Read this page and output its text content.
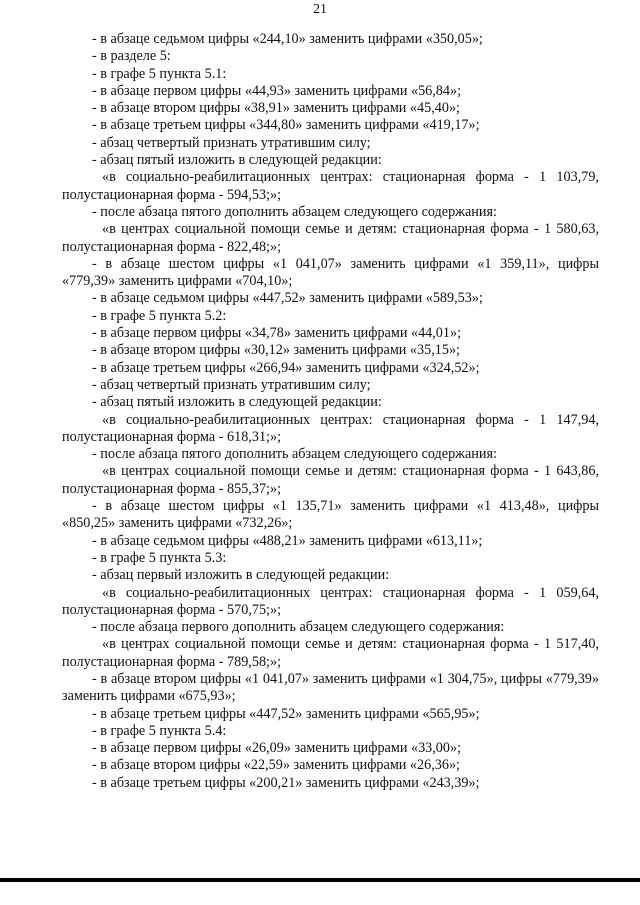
21

- в абзаце седьмом цифры «244,10» заменить цифрами «350,05»;

- в разделе 5:

- в графе 5 пункта 5.1:

- в абзаце первом цифры «44,93» заменить цифрами «56,84»;

- в абзаце втором цифры «38,91» заменить цифрами «45,40»;

- в абзаце третьем цифры «344,80» заменить цифрами «419,17»;

- абзац четвертый признать утратившим силу;

- абзац пятый изложить в следующей редакции:

«в социально-реабилитационных центрах: стационарная форма - 1 103,79, полустационарная форма - 594,53;»;

- после абзаца пятого дополнить абзацем следующего содержания:

«в центрах социальной помощи семье и детям: стационарная форма - 1 580,63, полустационарная форма - 822,48;»;

- в абзаце шестом цифры «1 041,07» заменить цифрами «1 359,11», цифры «779,39» заменить цифрами «704,10»;

- в абзаце седьмом цифры «447,52» заменить цифрами «589,53»;

- в графе 5 пункта 5.2:

- в абзаце первом цифры «34,78» заменить цифрами «44,01»;

- в абзаце втором цифры «30,12» заменить цифрами «35,15»;

- в абзаце третьем цифры «266,94» заменить цифрами «324,52»;

- абзац четвертый признать утратившим силу;

- абзац пятый изложить в следующей редакции:

«в социально-реабилитационных центрах: стационарная форма - 1 147,94, полустационарная форма - 618,31;»;

- после абзаца пятого дополнить абзацем следующего содержания:

«в центрах социальной помощи семье и детям: стационарная форма - 1 643,86, полустационарная форма - 855,37;»;

- в абзаце шестом цифры «1 135,71» заменить цифрами «1 413,48», цифры «850,25» заменить цифрами «732,26»;

- в абзаце седьмом цифры «488,21» заменить цифрами «613,11»;

- в графе 5 пункта 5.3:

- абзац первый изложить в следующей редакции:

«в социально-реабилитационных центрах: стационарная форма - 1 059,64, полустационарная форма - 570,75;»;

- после абзаца первого дополнить абзацем следующего содержания:

«в центрах социальной помощи семье и детям: стационарная форма - 1 517,40, полустационарная форма - 789,58;»;

- в абзаце втором цифры «1 041,07» заменить цифрами «1 304,75», цифры «779,39» заменить цифрами «675,93»;

- в абзаце третьем цифры «447,52» заменить цифрами «565,95»;

- в графе 5 пункта 5.4:

- в абзаце первом цифры «26,09» заменить цифрами «33,00»;

- в абзаце втором цифры «22,59» заменить цифрами «26,36»;

- в абзаце третьем цифры «200,21» заменить цифрами «243,39»;
